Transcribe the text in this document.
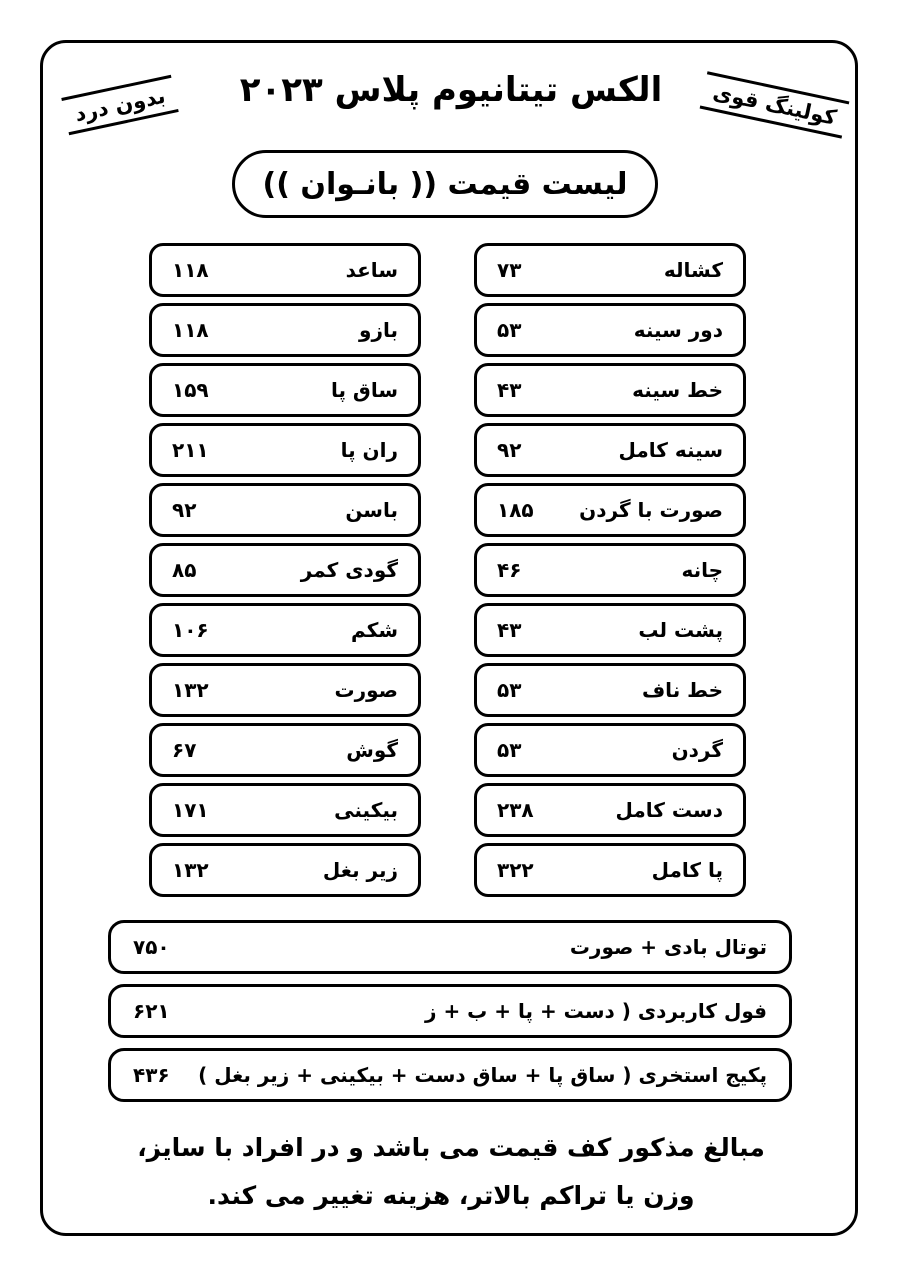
الکس تیتانیوم پلاس ۲۰۲۳
بدون درد	کولینگ قوی
لیست قیمت (( بانـوان ))
کشاله
۷۳
دور سینه
۵۳
خط سینه
۴۳
سینه کامل
۹۲
صورت با گردن
۱۸۵
چانه
۴۶
پشت لب
۴۳
خط ناف
۵۳
گردن
۵۳
دست کامل
۲۳۸
پا کامل
۳۲۲
ساعد
۱۱۸
بازو
۱۱۸
ساق پا
۱۵۹
ران پا
۲۱۱
باسن
۹۲
گودی کمر
۸۵
شکم
۱۰۶
صورت
۱۳۲
گوش
۶۷
بیکینی
۱۷۱
زیر بغل
۱۳۲
توتال بادی + صورت
۷۵۰
فول کاربردی ( دست + پا + ب + ز
۶۲۱
پکیج استخری ( ساق پا + ساق دست + بیکینی + زیر بغل )
۴۳۶
مبالغ مذکور کف قیمت می باشد و در افراد با سایز،
وزن یا تراکم بالاتر، هزینه تغییر می کند.
